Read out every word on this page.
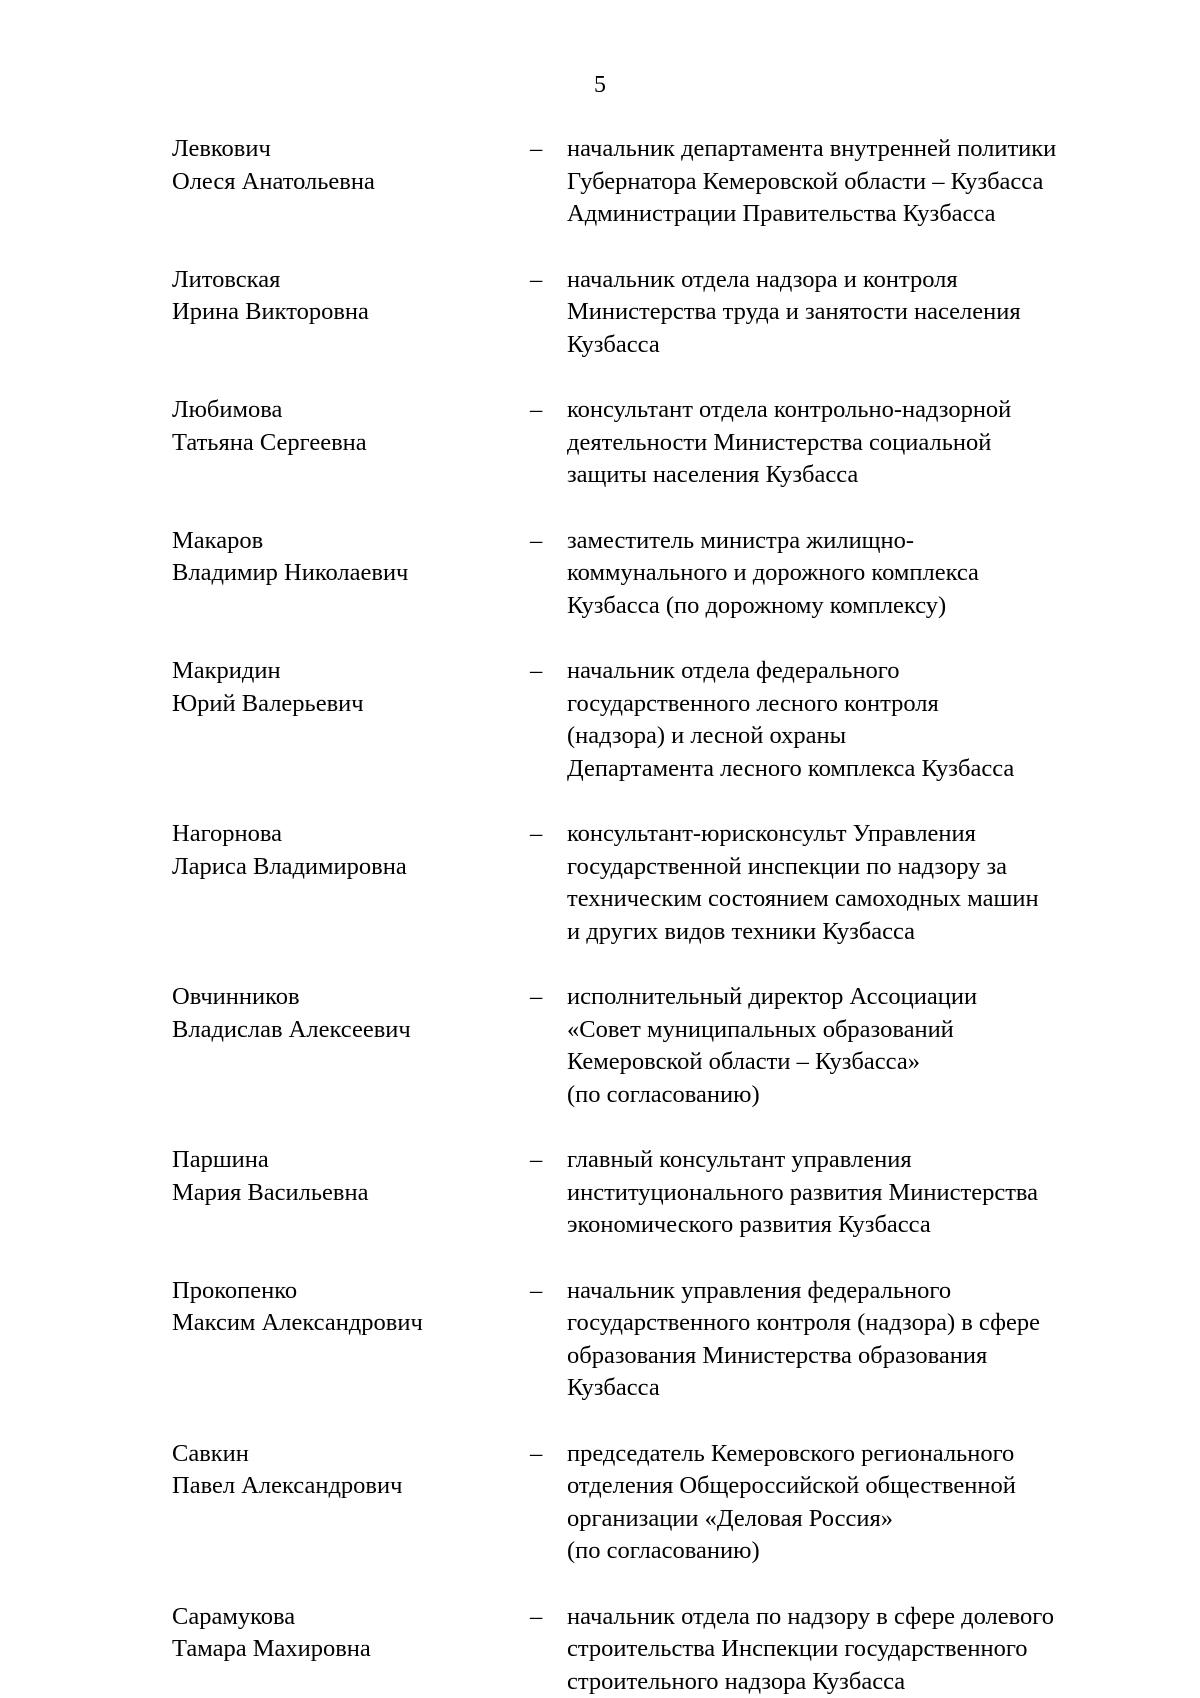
5
Левкович
Олеся Анатольевна
– начальник департамента внутренней политики
Губернатора Кемеровской области – Кузбасса
Администрации Правительства Кузбасса
Литовская
Ирина Викторовна
– начальник отдела надзора и контроля
Министерства труда и занятости населения
Кузбасса
Любимова
Татьяна Сергеевна
– консультант отдела контрольно-надзорной
деятельности Министерства социальной
защиты населения Кузбасса
Макаров
Владимир Николаевич
– заместитель министра жилищно-
коммунального и дорожного комплекса
Кузбасса (по дорожному комплексу)
Макридин
Юрий Валерьевич
– начальник отдела федерального
государственного лесного контроля
(надзора) и лесной охраны
Департамента лесного комплекса Кузбасса
Нагорнова
Лариса Владимировна
– консультант-юрисконсульт Управления
государственной инспекции по надзору за
техническим состоянием самоходных машин
и других видов техники Кузбасса
Овчинников
Владислав Алексеевич
– исполнительный директор Ассоциации
«Совет муниципальных образований
Кемеровской области – Кузбасса»
(по согласованию)
Паршина
Мария Васильевна
– главный консультант управления
институционального развития Министерства
экономического развития Кузбасса
Прокопенко
Максим Александрович
– начальник управления федерального
государственного контроля (надзора) в сфере
образования Министерства образования
Кузбасса
Савкин
Павел Александрович
– председатель Кемеровского регионального
отделения Общероссийской общественной
организации «Деловая Россия»
(по согласованию)
Сарамукова
Тамара Махировна
– начальник отдела по надзору в сфере долевого
строительства Инспекции государственного
строительного надзора Кузбасса
